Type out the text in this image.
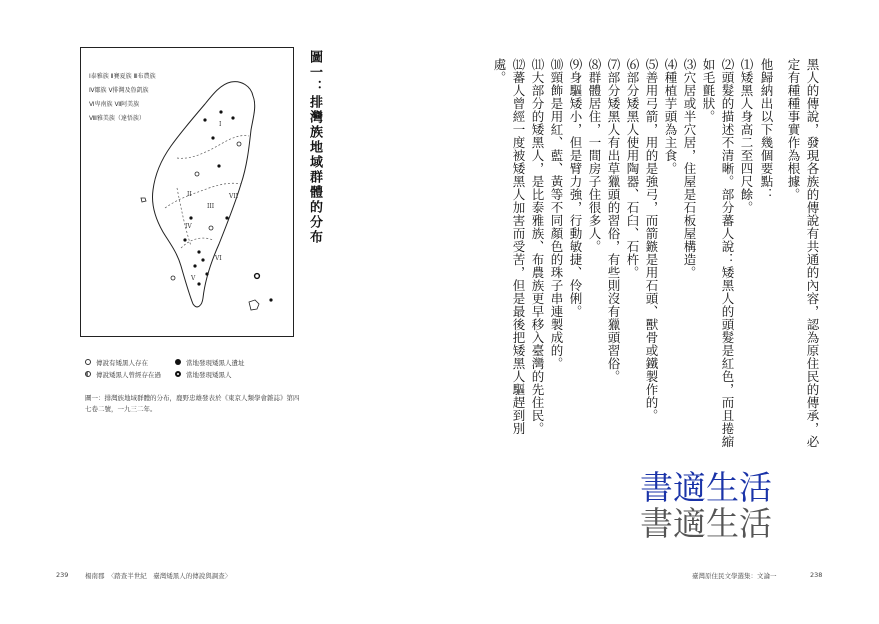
Ⅰ泰雅族 Ⅱ賽夏族 Ⅲ布農族
Ⅳ鄒族 Ⅴ排灣及魯凱族
Ⅵ卑南族 Ⅶ阿美族
Ⅷ雅美族（達悟族）
I
II
III
IV
V
VI
VII	圖一：排灣族地域群體的分布
傳說有矮黑人存在	當地發現矮黑人遺址
傳說矮黑人曾經存在過	當地發現矮黑人
圖一：排灣族地域群體的分布，鹿野忠雄發表於《東京人類學會雜誌》第四七卷二號，一九三二年。
239	楊南郡　〈踏查半世紀　臺灣矮黑人的傳說與調查〉
黑人的傳說，發現各族的傳說有共通的內容，認為原住民的傳承，必定有種種事實作為根據。
他歸納出以下幾個要點：

⑴矮黑人身高二至四尺餘。

⑵頭髮的描述不清晰。部分蕃人說：矮黑人的頭髮是紅色，而且捲縮如毛氈狀。

⑶穴居或半穴居，住屋是石板屋構造。

⑷種植芋頭為主食。

⑸善用弓箭，用的是強弓，而箭鏃是用石頭、獸骨或鐵製作的。

⑹部分矮黑人使用陶器、石臼、石杵。

⑺部分矮黑人有出草獵頭的習俗，有些則沒有獵頭習俗。

⑻群體居住，一間房子住很多人。

⑼身驅矮小，但是臂力強，行動敏捷、伶俐。

⑽頸飾是用紅、藍、黃等不同顏色的珠子串連製成的。

⑾大部分的矮黑人，是比泰雅族、布農族更早移入臺灣的先住民。

⑿蕃人曾經一度被矮黑人加害而受苦，但是最後把矮黑人驅趕到別處。

書適生活
書適生活
臺灣原住民文學選集：文論一	238
